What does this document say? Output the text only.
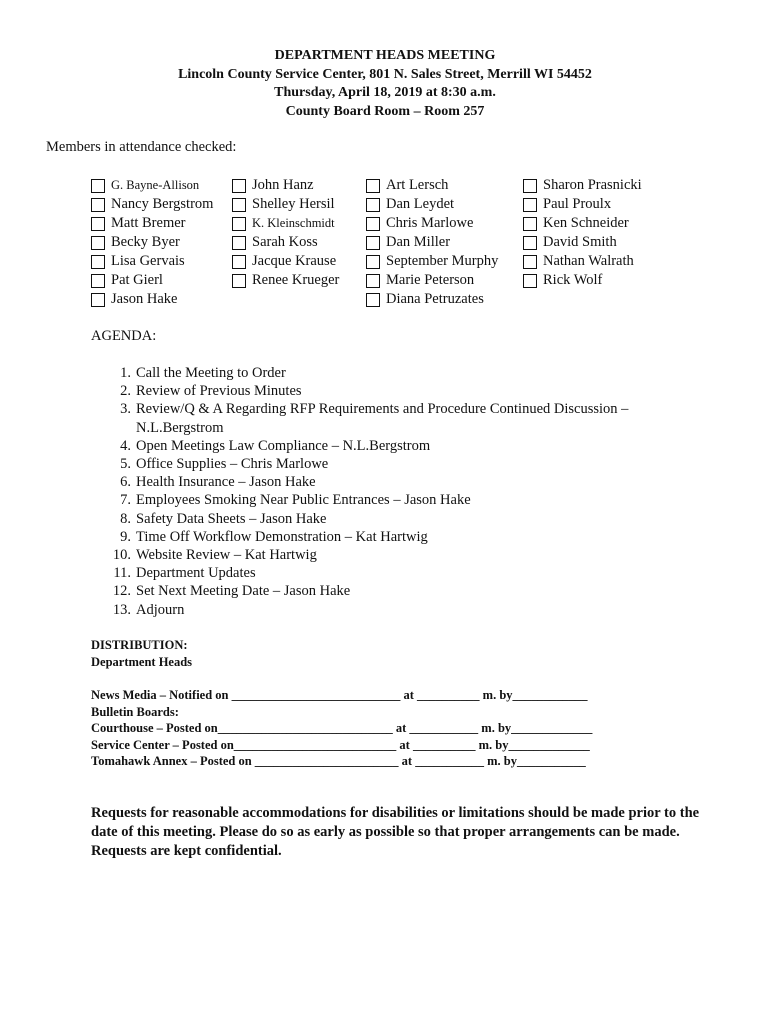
DEPARTMENT HEADS MEETING
Lincoln County Service Center, 801 N. Sales Street, Merrill WI 54452
Thursday, April 18, 2019 at 8:30 a.m.
County Board Room – Room 257
Members in attendance checked:
G. Bayne-Allison
Nancy Bergstrom
Matt Bremer
Becky Byer
Lisa Gervais
Pat Gierl
Jason Hake
John Hanz
Shelley Hersil
K. Kleinschmidt
Sarah Koss
Jacque Krause
Renee Krueger
Art Lersch
Dan Leydet
Chris Marlowe
Dan Miller
September Murphy
Marie Peterson
Diana Petruzates
Sharon Prasnicki
Paul Proulx
Ken Schneider
David Smith
Nathan Walrath
Rick Wolf
AGENDA:
1. Call the Meeting to Order
2. Review of Previous Minutes
3. Review/Q & A Regarding RFP Requirements and Procedure Continued Discussion – N.L.Bergstrom
4. Open Meetings Law Compliance – N.L.Bergstrom
5. Office Supplies – Chris Marlowe
6. Health Insurance – Jason Hake
7. Employees Smoking Near Public Entrances – Jason Hake
8. Safety Data Sheets – Jason Hake
9. Time Off Workflow Demonstration – Kat Hartwig
10. Website Review – Kat Hartwig
11. Department Updates
12. Set Next Meeting Date – Jason Hake
13. Adjourn
DISTRIBUTION:
Department Heads
News Media – Notified on ___________________________ at __________ m. by____________
Bulletin Boards:
Courthouse – Posted on____________________________ at ___________ m. by_____________
Service Center – Posted on__________________________ at __________ m. by_____________
Tomahawk Annex – Posted on _______________________ at ___________ m. by___________
Requests for reasonable accommodations for disabilities or limitations should be made prior to the date of this meeting. Please do so as early as possible so that proper arrangements can be made. Requests are kept confidential.
